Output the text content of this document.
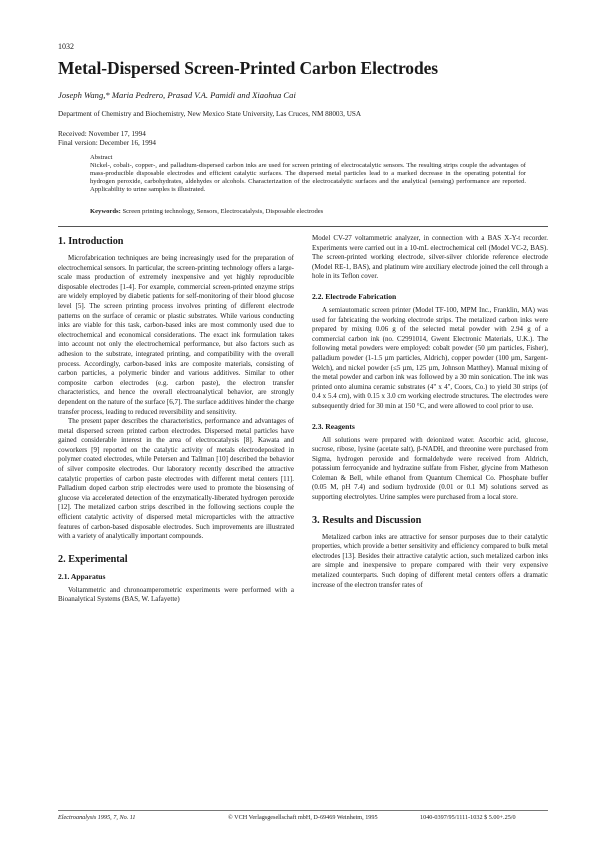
1032
Metal-Dispersed Screen-Printed Carbon Electrodes
Joseph Wang,* Maria Pedrero, Prasad V.A. Pamidi and Xiaohua Cai
Department of Chemistry and Biochemistry, New Mexico State University, Las Cruces, NM 88003, USA
Received: November 17, 1994
Final version: December 16, 1994
Abstract
Nickel-, cobalt-, copper-, and palladium-dispersed carbon inks are used for screen printing of electrocatalytic sensors. The resulting strips couple the advantages of mass-producible disposable electrodes and efficient catalytic surfaces. The dispersed metal particles lead to a marked decrease in the operating potential for hydrogen peroxide, carbohydrates, aldehydes or alcohols. Characterization of the electrocatalytic surfaces and the analytical (sensing) performance are reported. Applicability to urine samples is illustrated.
Keywords: Screen printing technology, Sensors, Electrocatalysis, Disposable electrodes
1. Introduction

Microfabrication techniques are being increasingly used for the preparation of electrochemical sensors. In particular, the screen-printing technology offers a large-scale mass production of extremely inexpensive and yet highly reproducible disposable electrodes [1-4]. For example, commercial screen-printed enzyme strips are widely employed by diabetic patients for self-monitoring of their blood glucose level [5]. The screen printing process involves printing of different electrode patterns on the surface of ceramic or plastic substrates. While various conducting inks are viable for this task, carbon-based inks are most commonly used due to electrochemical and economical considerations. The exact ink formulation takes into account not only the electrochemical performance, but also factors such as adhesion to the substrate, integrated printing, and compatibility with the overall process. Accordingly, carbon-based inks are composite materials, consisting of carbon particles, a polymeric binder and various additives. Similar to other composite carbon electrodes (e.g. carbon paste), the electron transfer characteristics, and hence the overall electroanalytical behavior, are strongly dependent on the nature of the surface [6,7]. The surface additives hinder the charge transfer process, leading to reduced reversibility and sensitivity.

The present paper describes the characteristics, performance and advantages of metal dispersed screen printed carbon electrodes. Dispersed metal particles have gained considerable interest in the area of electrocatalysis [8]. Kawata and coworkers [9] reported on the catalytic activity of metals electrodeposited in polymer coated electrodes, while Petersen and Tallman [10] described the behavior of silver composite electrodes. Our laboratory recently described the attractive catalytic properties of carbon paste electrodes with different metal centers [11]. Palladium doped carbon strip electrodes were used to promote the biosensing of glucose via accelerated detection of the enzymatically-liberated hydrogen peroxide [12]. The metalized carbon strips described in the following sections couple the efficient catalytic activity of dispersed metal microparticles with the attractive features of carbon-based disposable electrodes. Such improvements are illustrated with a variety of analytically important compounds.

2. Experimental
2.1. Apparatus

Voltammetric and chronoamperometric experiments were performed with a Bioanalytical Systems (BAS, W. Lafayette)

Model CV-27 voltammetric analyzer, in connection with a BAS X-Y-t recorder. Experiments were carried out in a 10-mL electrochemical cell (Model VC-2, BAS). The screen-printed working electrode, silver-silver chloride reference electrode (Model RE-1, BAS), and platinum wire auxiliary electrode joined the cell through a hole in its Teflon cover.

2.2. Electrode Fabrication

A semiautomatic screen printer (Model TF-100, MPM Inc., Franklin, MA) was used for fabricating the working electrode strips. The metalized carbon inks were prepared by mixing 0.06 g of the selected metal powder with 2.94 g of a commercial carbon ink (no. C2991014, Gwent Electronic Materials, U.K.). The following metal powders were employed: cobalt powder (50 µm particles, Fisher), palladium powder (1-1.5 µm particles, Aldrich), copper powder (100 µm, Sargent-Welch), and nickel powder (≤5 µm, 125 µm, Johnson Matthey). Manual mixing of the metal powder and carbon ink was followed by a 30 min sonication. The ink was printed onto alumina ceramic substrates (4" x 4", Coors, Co.) to yield 30 strips (of 0.4 x 5.4 cm), with 0.15 x 3.0 cm working electrode structures. The electrodes were subsequently dried for 30 min at 150 °C, and were allowed to cool prior to use.

2.3. Reagents

All solutions were prepared with deionized water. Ascorbic acid, glucose, sucrose, ribose, lysine (acetate salt), β-NADH, and threonine were purchased from Sigma, hydrogen peroxide and formaldehyde were received from Aldrich, potassium ferrocyanide and hydrazine sulfate from Fisher, glycine from Matheson Coleman & Bell, while ethanol from Quantum Chemical Co. Phosphate buffer (0.05 M, pH 7.4) and sodium hydroxide (0.01 or 0.1 M) solutions served as supporting electrolytes. Urine samples were purchased from a local store.

3. Results and Discussion

Metalized carbon inks are attractive for sensor purposes due to their catalytic properties, which provide a better sensitivity and efficiency compared to bulk metal electrodes [13]. Besides their attractive catalytic action, such metalized carbon inks are simple and inexpensive to prepare compared with their very expensive metalized counterparts. Such doping of different metal centers offers a dramatic increase of the electron transfer rates of

Electroanalysis 1995, 7, No. 11	© VCH Verlagsgesellschaft mbH, D-69469 Weinheim, 1995	1040-0397/95/1111-1032 $ 5.00+.25/0
